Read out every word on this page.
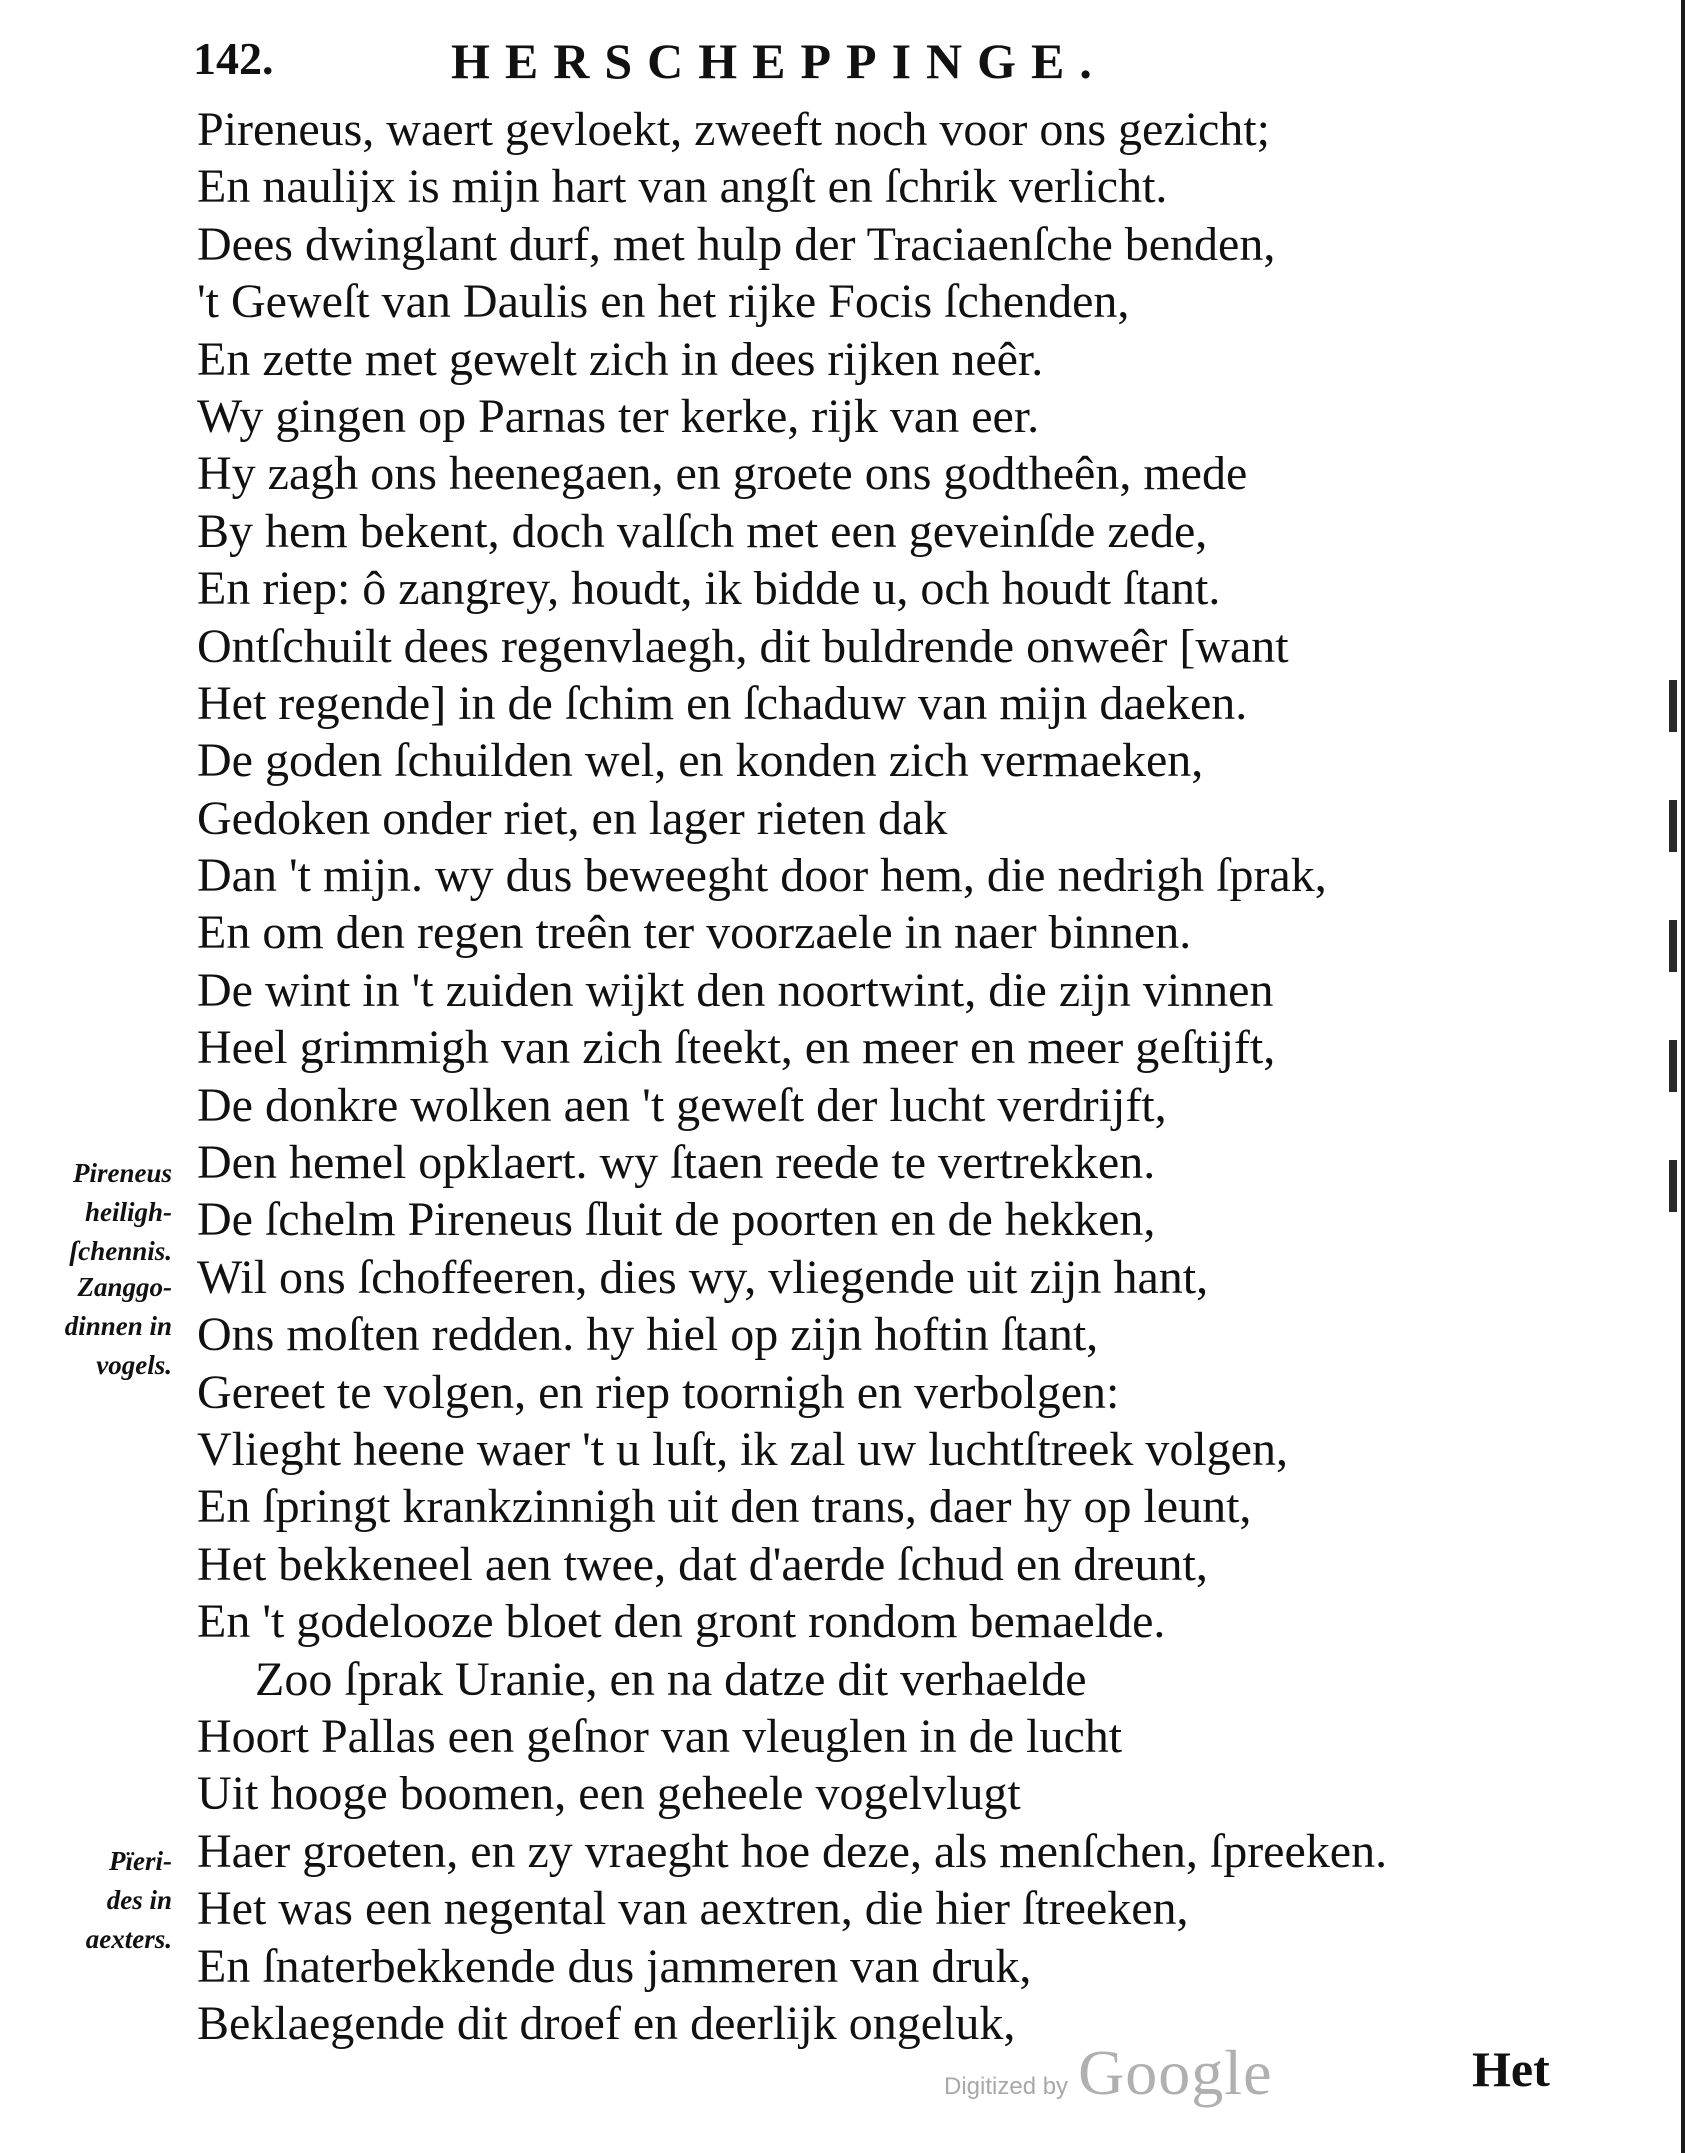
142.	HERSCHEPPINGE.
Pireneus, waert gevloekt, zweeft noch voor ons gezicht;
En naulijx is mijn hart van angſt en ſchrik verlicht.
Dees dwinglant durf, met hulp der Traciaenſche benden,
't Geweſt van Daulis en het rijke Focis ſchenden,
En zette met gewelt zich in dees rijken neêr.
Wy gingen op Parnas ter kerke, rijk van eer.
Hy zagh ons heenegaen, en groete ons godtheên, mede
By hem bekent, doch valſch met een geveinſde zede,
En riep: ô zangrey, houdt, ik bidde u, och houdt ſtant.
Ontſchuilt dees regenvlaegh, dit buldrende onweêr [want
Het regende] in de ſchim en ſchaduw van mijn daeken.
De goden ſchuilden wel, en konden zich vermaeken,
Gedoken onder riet, en lager rieten dak
Dan 't mijn. wy dus beweeght door hem, die nedrigh ſprak,
En om den regen treên ter voorzaele in naer binnen.
De wint in 't zuiden wijkt den noortwint, die zijn vinnen
Heel grimmigh van zich ſteekt, en meer en meer geſtijft,
De donkre wolken aen 't geweſt der lucht verdrijft,
Den hemel opklaert. wy ſtaen reede te vertrekken.
De ſchelm Pireneus ſluit de poorten en de hekken,
Wil ons ſchoffeeren, dies wy, vliegende uit zijn hant,
Ons moſten redden. hy hiel op zijn hoftin ſtant,
Gereet te volgen, en riep toornigh en verbolgen:
Vlieght heene waer 't u luſt, ik zal uw luchtſtreek volgen,
En ſpringt krankzinnigh uit den trans, daer hy op leunt,
Het bekkeneel aen twee, dat d'aerde ſchud en dreunt,
En 't godelooze bloet den gront rondom bemaelde.
Zoo ſprak Uranie, en na datze dit verhaelde
Hoort Pallas een geſnor van vleuglen in de lucht
Uit hooge boomen, een geheele vogelvlugt
Haer groeten, en zy vraeght hoe deze, als menſchen, ſpreeken.
Het was een negental van aextren, die hier ſtreeken,
En ſnaterbekkende dus jammeren van druk,
Beklaegende dit droef en deerlijk ongeluk,
Pireneus
heiligh-
ſchennis.
Zanggo-
dinnen in
vogels.
Pïeri-
des in
aexters.
Het
Digitized by Google
